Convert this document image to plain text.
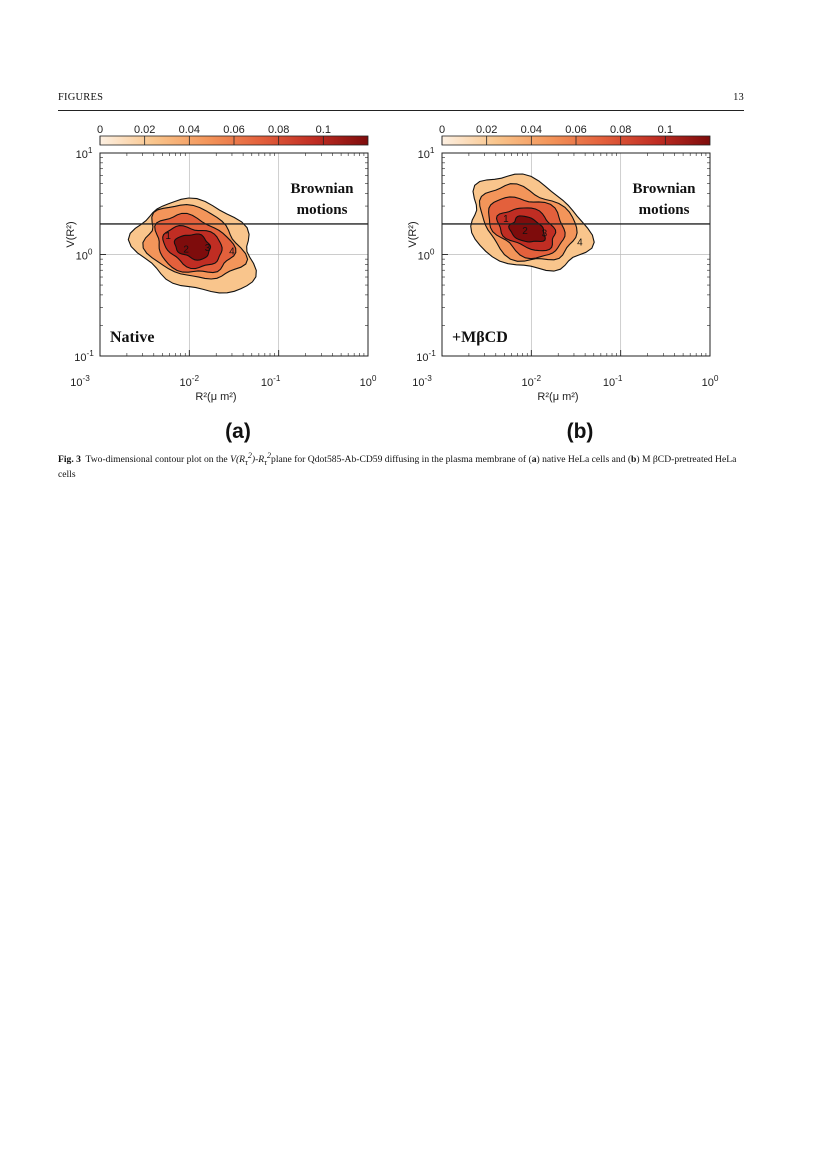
FIGURES	13
0	0.02 0.04 0.06 0.08 0.1
1
2 3 4
$10^{-3}$	$10^{-2}$	$10^{-1}$	$10^0$
$10^{-1}$
$10^0$
$10^1$
R²(μ m²)
V(R²)
Brownian
motions
Native
(a)
0	0.02 0.04 0.06 0.08 0.1
1
2 3
4
$10^{-3}$	$10^{-2}$	$10^{-1}$	$10^0$
$10^{-1}$
$10^0$
$10^1$
R²(μ m²)
V(R²)
Brownian
motions
+MβCD
(b)
Fig. 3 Two-dimensional contour plot on the $V(R_\tau^2)-R_\tau^2plane$ for Qdot585-Ab-CD59 diffusing in the plasma membrane of (a) native HeLa cells and (b) M βCD-pretreated HeLa cells
